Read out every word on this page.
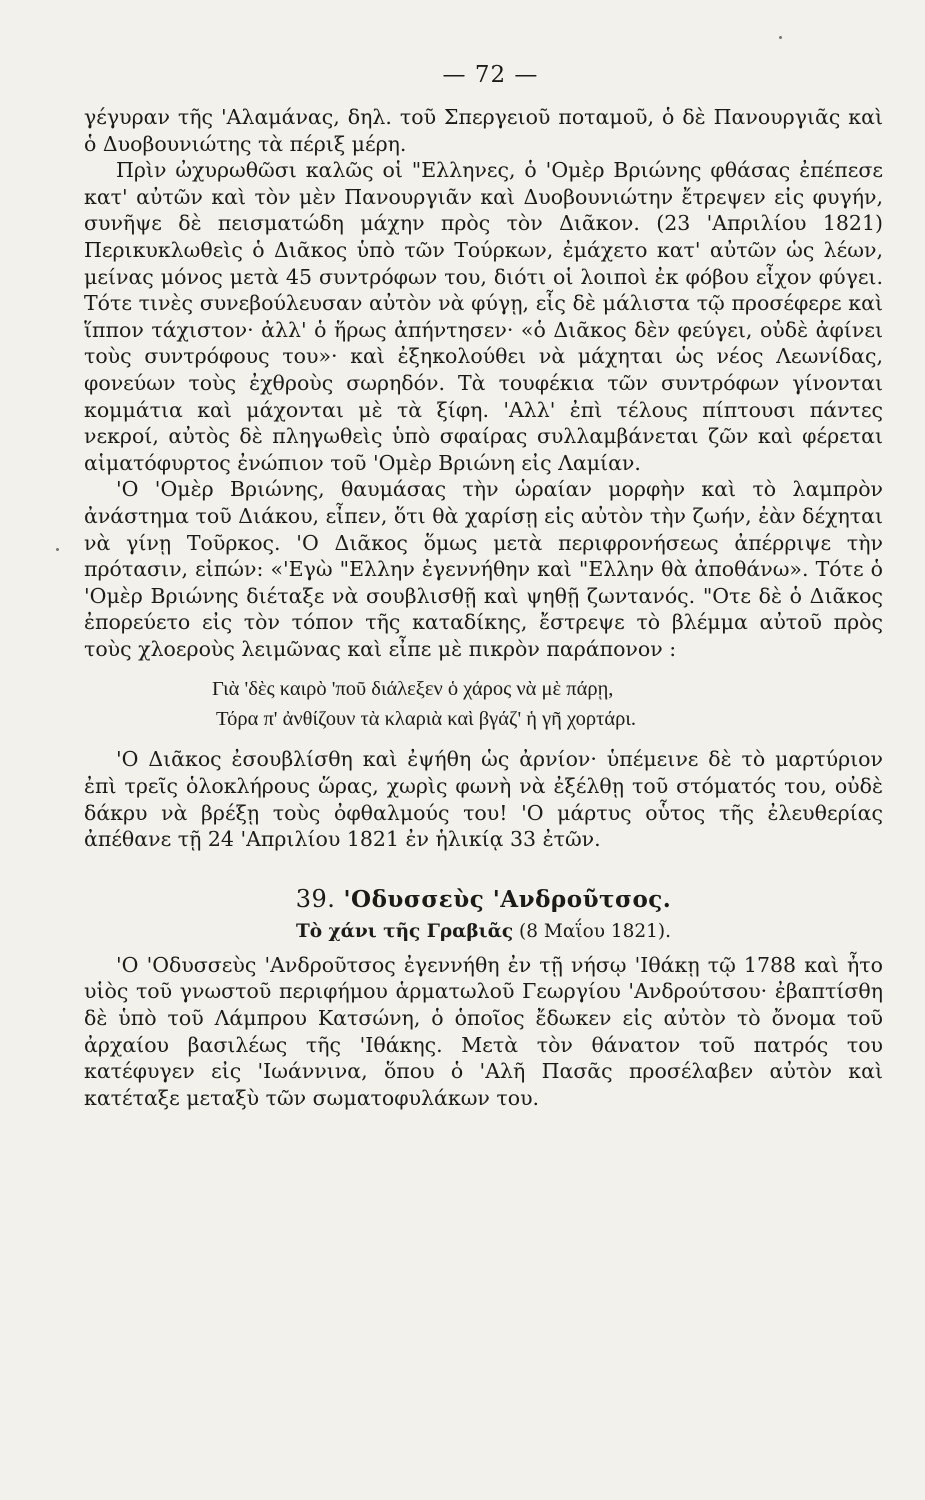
— 72 —

γέγυραν τῆς 'Αλαμάνας, δηλ. τοῦ Σπεργειοῦ ποταμοῦ, ὁ δὲ Πανουργιᾶς καὶ ὁ Δυοβουνιώτης τὰ πέριξ μέρη.

Πρὶν ὠχυρωθῶσι καλῶς οἱ "Ελληνες, ὁ 'Ομὲρ Βριώνης φθάσας ἐπέπεσε κατ' αὐτῶν καὶ τὸν μὲν Πανουργιᾶν καὶ Δυοβουνιώτην ἔτρεψεν εἰς φυγήν, συνῆψε δὲ πεισματώδη μάχην πρὸς τὸν Διᾶκον. (23 'Απριλίου 1821) Περικυκλωθεὶς ὁ Διᾶκος ὑπὸ τῶν Τούρκων, ἐμάχετο κατ' αὐτῶν ὡς λέων, μείνας μόνος μετὰ 45 συντρόφων του, διότι οἱ λοιποὶ ἐκ φόβου εἶχον φύγει. Τότε τινὲς συνεβούλευσαν αὐτὸν νὰ φύγῃ, εἷς δὲ μάλιστα τῷ προσέφερε καὶ ἵππον τάχιστον· ἀλλ' ὁ ἥρως ἀπήντησεν· «ὁ Διᾶκος δὲν φεύγει, οὐδὲ ἀφίνει τοὺς συντρόφους του»· καὶ ἐξηκολούθει νὰ μάχηται ὡς νέος Λεωνίδας, φονεύων τοὺς ἐχθροὺς σωρηδόν. Τὰ τουφέκια τῶν συντρόφων γίνονται κομμάτια καὶ μάχονται μὲ τὰ ξίφη. 'Αλλ' ἐπὶ τέλους πίπτουσι πάντες νεκροί, αὐτὸς δὲ πληγωθεὶς ὑπὸ σφαίρας συλλαμβάνεται ζῶν καὶ φέρεται αἱματόφυρτος ἐνώπιον τοῦ 'Ομὲρ Βριώνη εἰς Λαμίαν.

'Ο 'Ομὲρ Βριώνης, θαυμάσας τὴν ὡραίαν μορφὴν καὶ τὸ λαμπρὸν ἀνάστημα τοῦ Διάκου, εἶπεν, ὅτι θὰ χαρίσῃ εἰς αὐτὸν τὴν ζωήν, ἐὰν δέχηται νὰ γίνῃ Τοῦρκος. 'Ο Διᾶκος ὅμως μετὰ περιφρονήσεως ἀπέρριψε τὴν πρότασιν, εἰπών: «'Εγὼ "Ελλην ἐγεννήθην καὶ "Ελλην θὰ ἀποθάνω». Τότε ὁ 'Ομὲρ Βριώνης διέταξε νὰ σουβλισθῇ καὶ ψηθῇ ζωντανός. "Οτε δὲ ὁ Διᾶκος ἐπορεύετο εἰς τὸν τόπον τῆς καταδίκης, ἔστρεψε τὸ βλέμμα αὐτοῦ πρὸς τοὺς χλοεροὺς λειμῶνας καὶ εἶπε μὲ πικρὸν παράπονον :

Γιὰ 'δὲς καιρὸ 'ποῦ διάλεξεν ὁ χάρος νὰ μὲ πάρῃ,
Τόρα π' ἀνθίζουν τὰ κλαριὰ καὶ βγάζ' ἡ γῆ χορτάρι.

'Ο Διᾶκος ἐσουβλίσθη καὶ ἐψήθη ὡς ἀρνίον· ὑπέμεινε δὲ τὸ μαρτύριον ἐπὶ τρεῖς ὁλοκλήρους ὥρας, χωρὶς φωνὴ νὰ ἐξέλθῃ τοῦ στόματός του, οὐδὲ δάκρυ νὰ βρέξῃ τοὺς ὀφθαλμούς του! 'Ο μάρτυς οὗτος τῆς ἐλευθερίας ἀπέθανε τῇ 24 'Απριλίου 1821 ἐν ἡλικίᾳ 33 ἐτῶν.

39. 'Οδυσσεὺς 'Ανδροῦτσος.
Τὸ χάνι τῆς Γραβιᾶς (8 Μαΐου 1821).

'Ο 'Οδυσσεὺς 'Ανδροῦτσος ἐγεννήθη ἐν τῇ νήσῳ 'Ιθάκῃ τῷ 1788 καὶ ἦτο υἱὸς τοῦ γνωστοῦ περιφήμου ἁρματωλοῦ Γεωργίου 'Ανδρούτσου· ἐβαπτίσθη δὲ ὑπὸ τοῦ Λάμπρου Κατσώνη, ὁ ὁποῖος ἔδωκεν εἰς αὐτὸν τὸ ὄνομα τοῦ ἀρχαίου βασιλέως τῆς 'Ιθάκης. Μετὰ τὸν θάνατον τοῦ πατρός του κατέφυγεν εἰς 'Ιωάννινα, ὅπου ὁ 'Αλῆ Πασᾶς προσέλαβεν αὐτὸν καὶ κατέταξε μεταξὺ τῶν σωματοφυλάκων του.
